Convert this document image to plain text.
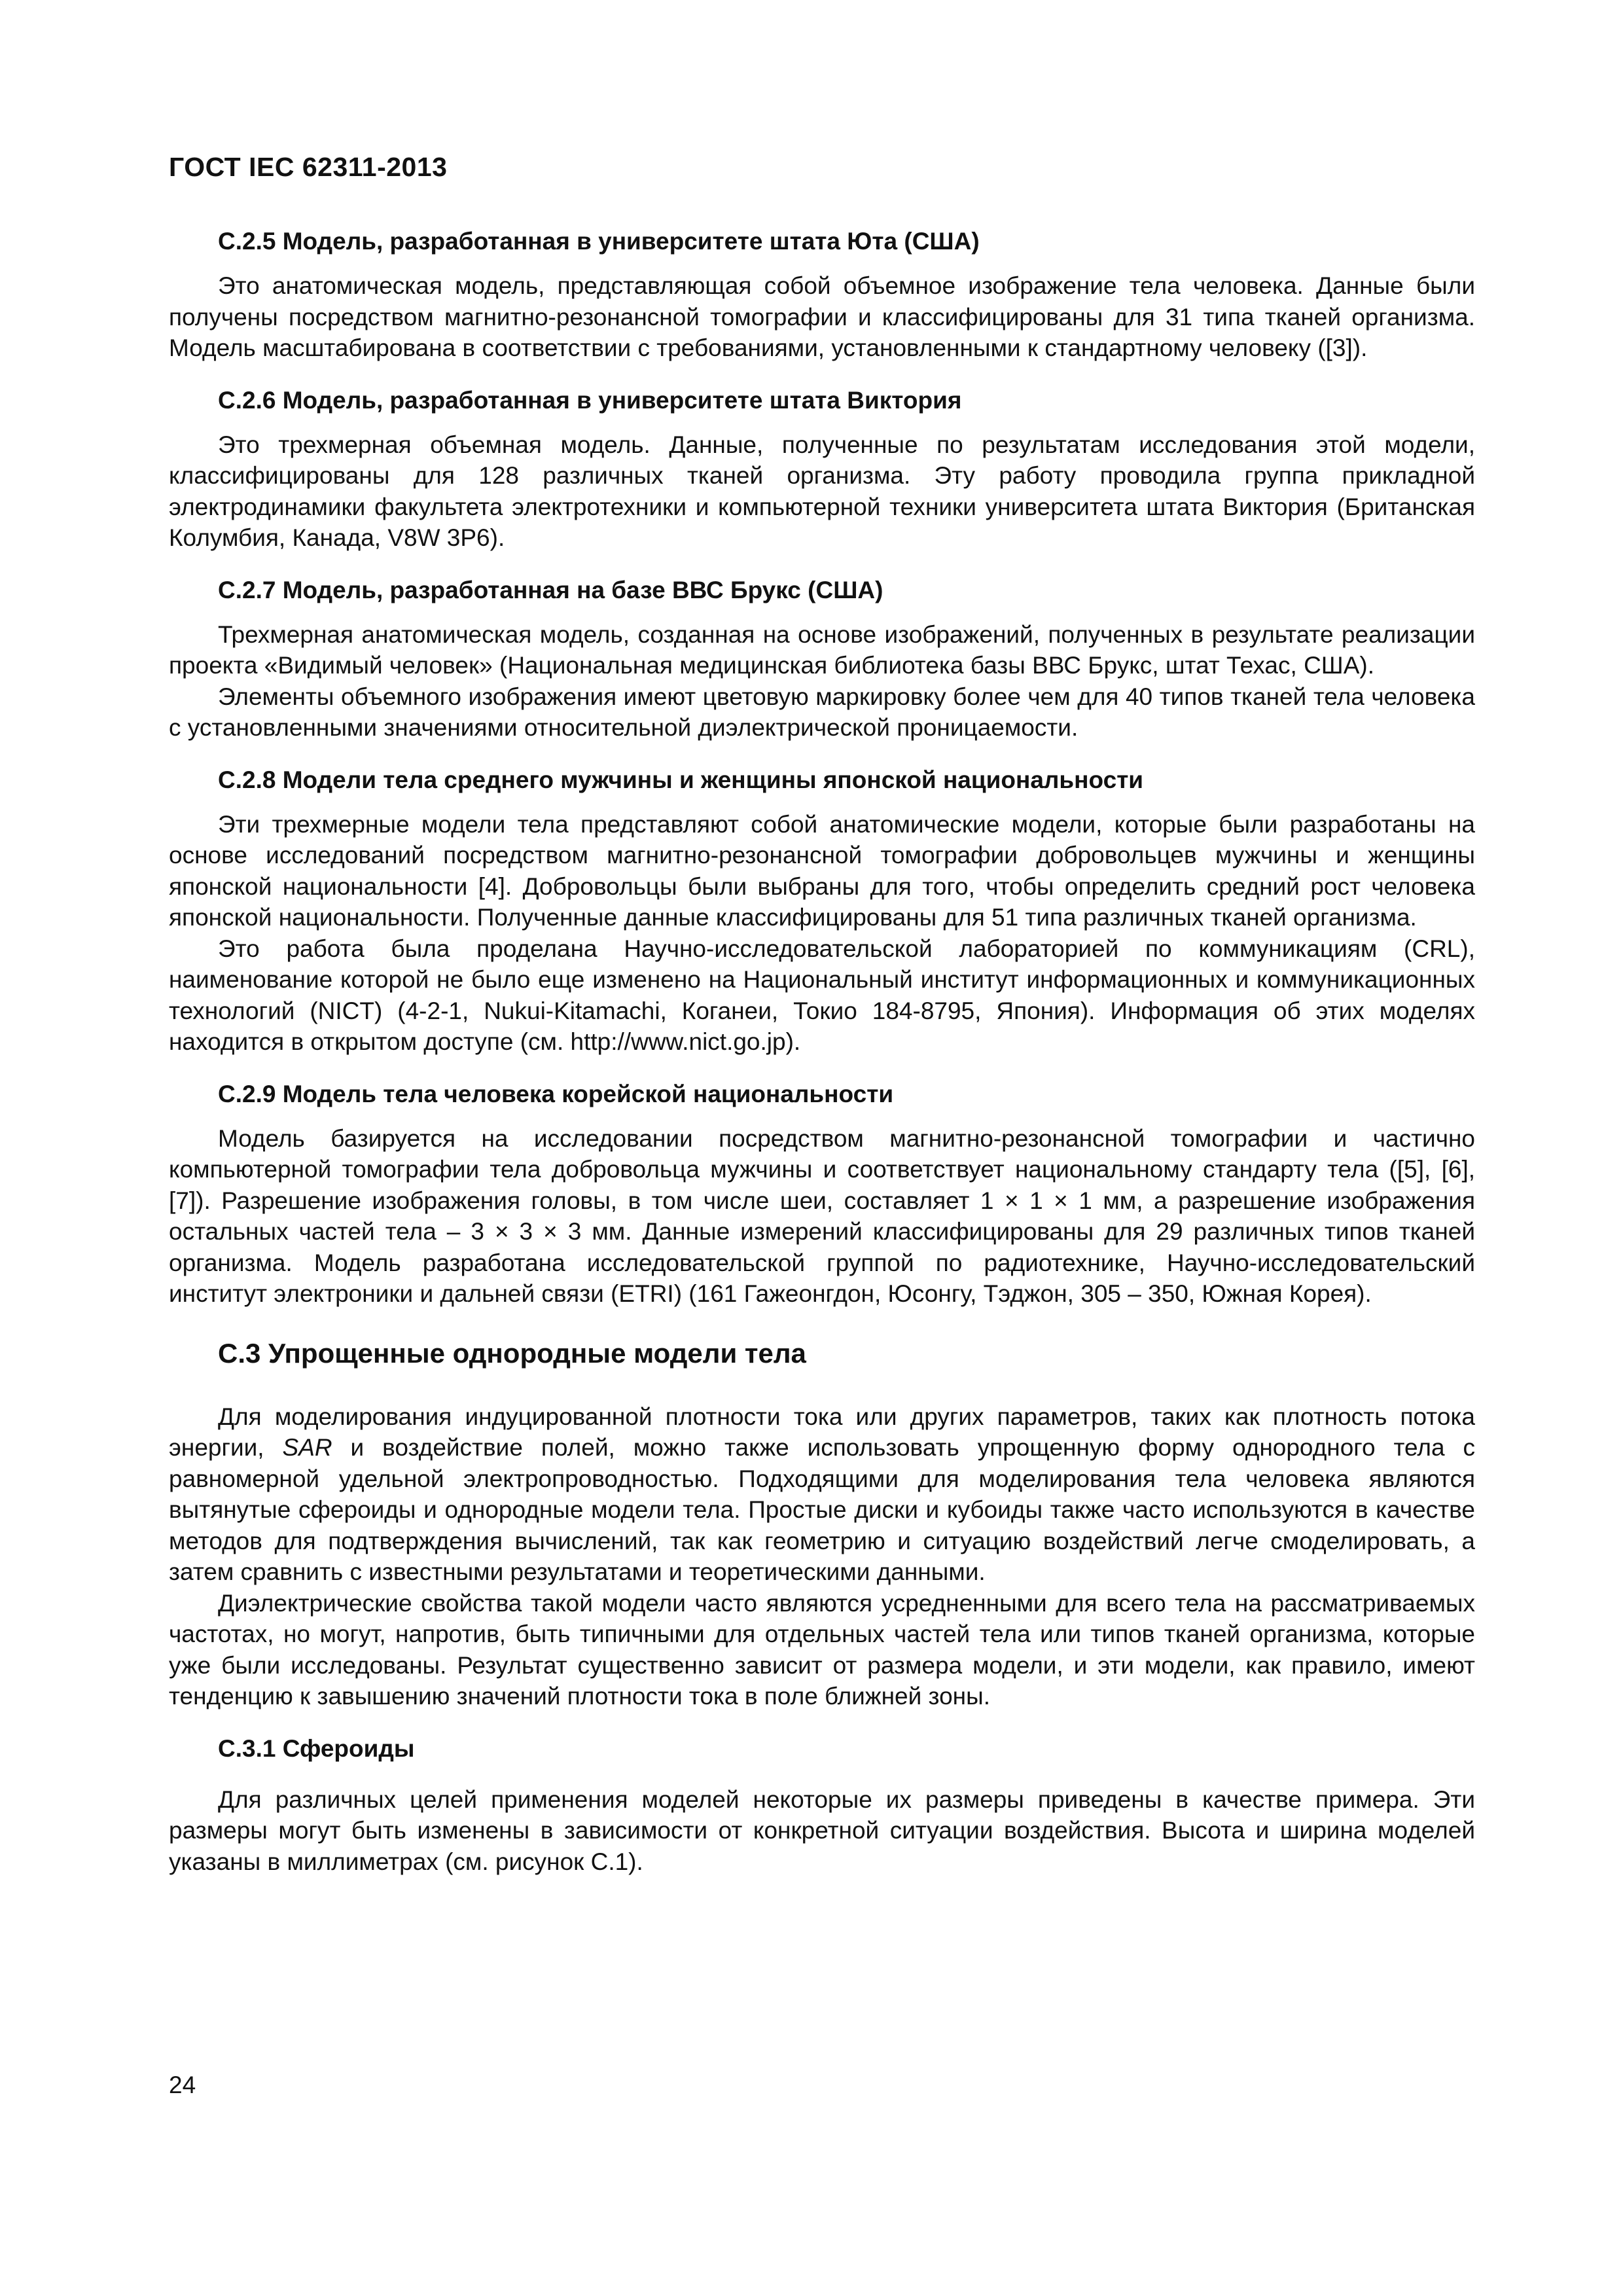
ГОСТ IEC 62311-2013
С.2.5 Модель, разработанная в университете штата Юта (США)

Это анатомическая модель, представляющая собой объемное изображение тела человека. Данные были получены посредством магнитно-резонансной томографии и классифицированы для 31 типа тканей организма. Модель масштабирована в соответствии с требованиями, установленными к стандартному человеку ([3]).

С.2.6 Модель, разработанная в университете штата Виктория

Это трехмерная объемная модель. Данные, полученные по результатам исследования этой модели, классифицированы для 128 различных тканей организма. Эту работу проводила группа прикладной электродинамики факультета электротехники и компьютерной техники университета штата Виктория (Британская Колумбия, Канада, V8W 3P6).

С.2.7 Модель, разработанная на базе ВВС Брукс (США)

Трехмерная анатомическая модель, созданная на основе изображений, полученных в результате реализации проекта «Видимый человек» (Национальная медицинская библиотека базы ВВС Брукс, штат Техас, США).

Элементы объемного изображения имеют цветовую маркировку более чем для 40 типов тканей тела человека с установленными значениями относительной диэлектрической проницаемости.

С.2.8 Модели тела среднего мужчины и женщины японской национальности

Эти трехмерные модели тела представляют собой анатомические модели, которые были разработаны на основе исследований посредством магнитно-резонансной томографии добровольцев мужчины и женщины японской национальности [4]. Добровольцы были выбраны для того, чтобы определить средний рост человека японской национальности. Полученные данные классифицированы для 51 типа различных тканей организма.

Это работа была проделана Научно-исследовательской лабораторией по коммуникациям (CRL), наименование которой не было еще изменено на Национальный институт информационных и коммуникационных технологий (NICT) (4-2-1, Nukui-Kitamachi, Коганеи, Токио 184-8795, Япония). Информация об этих моделях находится в открытом доступе (см. http://www.nict.go.jp).

С.2.9 Модель тела человека корейской национальности

Модель базируется на исследовании посредством магнитно-резонансной томографии и частично компьютерной томографии тела добровольца мужчины и соответствует национальному стандарту тела ([5], [6], [7]). Разрешение изображения головы, в том числе шеи, составляет 1 × 1 × 1 мм, а разрешение изображения остальных частей тела – 3 × 3 × 3 мм. Данные измерений классифицированы для 29 различных типов тканей организма. Модель разработана исследовательской группой по радиотехнике, Научно-исследовательский институт электроники и дальней связи (ETRI) (161 Гажеонгдон, Юсонгу, Тэджон, 305 – 350, Южная Корея).

С.3 Упрощенные однородные модели тела

Для моделирования индуцированной плотности тока или других параметров, таких как плотность потока энергии, SAR и воздействие полей, можно также использовать упрощенную форму однородного тела с равномерной удельной электропроводностью. Подходящими для моделирования тела человека являются вытянутые сфероиды и однородные модели тела. Простые диски и кубоиды также часто используются в качестве методов для подтверждения вычислений, так как геометрию и ситуацию воздействий легче смоделировать, а затем сравнить с известными результатами и теоретическими данными.

Диэлектрические свойства такой модели часто являются усредненными для всего тела на рассматриваемых частотах, но могут, напротив, быть типичными для отдельных частей тела или типов тканей организма, которые уже были исследованы. Результат существенно зависит от размера модели, и эти модели, как правило, имеют тенденцию к завышению значений плотности тока в поле ближней зоны.

С.3.1 Сфероиды

Для различных целей применения моделей некоторые их размеры приведены в качестве примера. Эти размеры могут быть изменены в зависимости от конкретной ситуации воздействия. Высота и ширина моделей указаны в миллиметрах (см. рисунок С.1).

24
